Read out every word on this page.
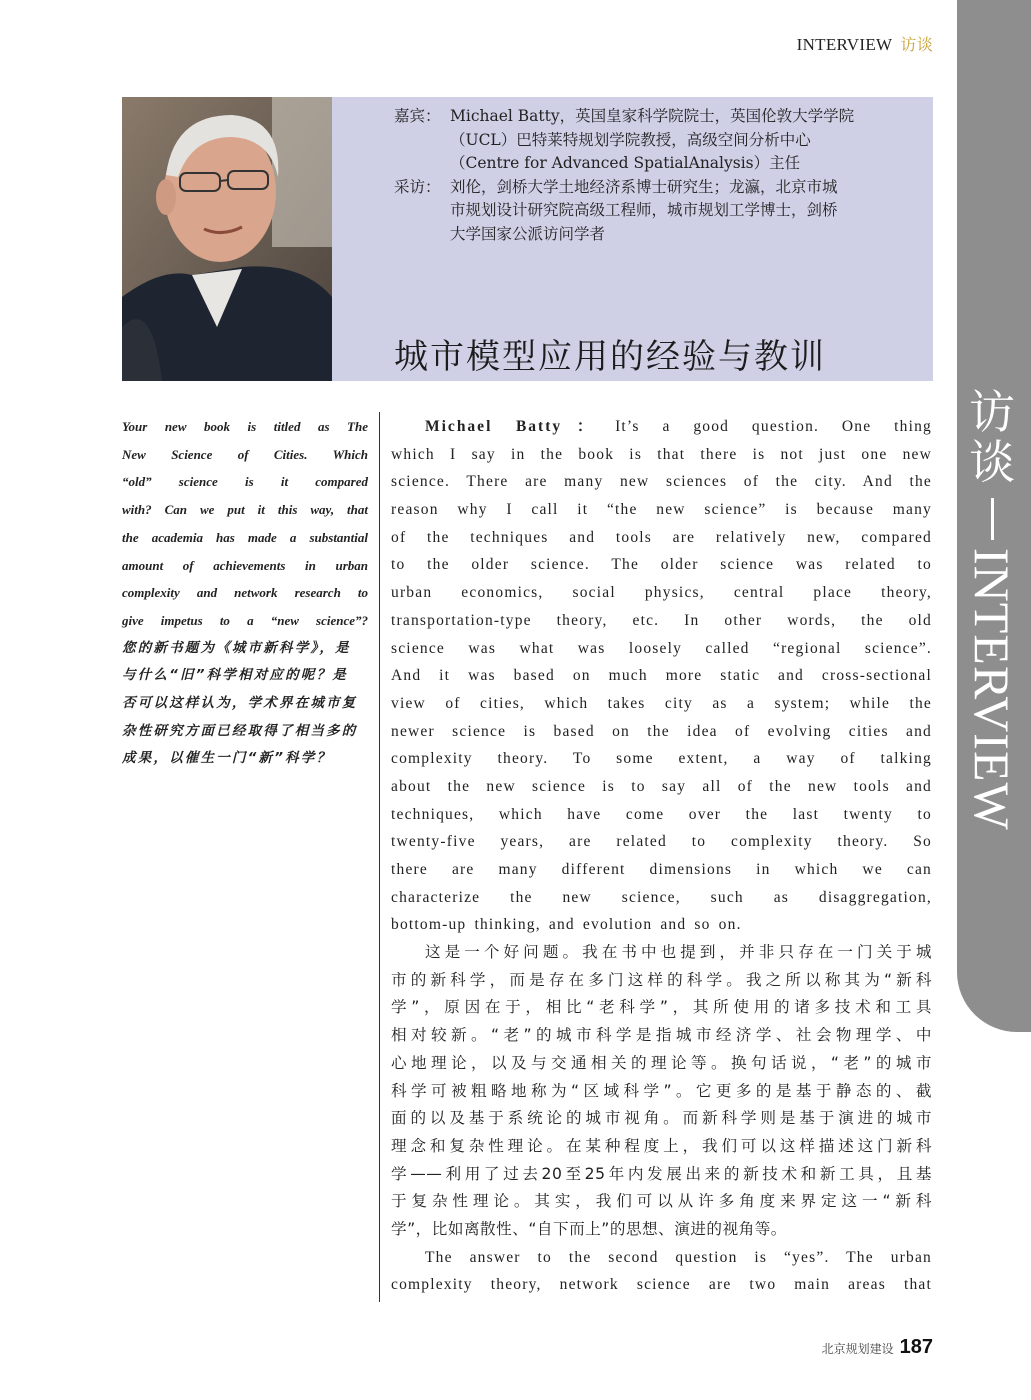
INTERVIEW 访谈
访谈
INTERVIEW
嘉宾： Michael Batty，英国皇家科学院院士，英国伦敦大学学院
（UCL）巴特莱特规划学院教授，高级空间分析中心
（Centre for Advanced SpatialAnalysis）主任
采访： 刘伦，剑桥大学土地经济系博士研究生；龙瀛，北京市城
市规划设计研究院高级工程师，城市规划工学博士，剑桥
大学国家公派访问学者
城市模型应用的经验与教训

Your new book is titled as The
New Science of Cities. Which
“old” science is it compared
with? Can we put it this way, that
the academia has made a substantial
amount of achievements in urban
complexity and network research to
give impetus to a “new science”?

您的新书题为《城市新科学》，是
与什么“旧”科学相对应的呢？是
否可以这样认为，学术界在城市复
杂性研究方面已经取得了相当多的
成果，以催生一门“新”科学？

Michael Batty： It’s a good question. One thing
which I say in the book is that there is not just one new
science. There are many new sciences of the city. And the
reason why I call it “the new science” is because many
of the techniques and tools are relatively new, compared
to the older science. The older science was related to
urban economics, social physics, central place theory,
transportation-type theory, etc. In other words, the old
science was what was loosely called “regional science”.
And it was based on much more static and cross-sectional
view of cities, which takes city as a system; while the
newer science is based on the idea of evolving cities and
complexity theory. To some extent, a way of talking
about the new science is to say all of the new tools and
techniques, which have come over the last twenty to
twenty-five years, are related to complexity theory. So
there are many different dimensions in which we can
characterize the new science, such as disaggregation,
bottom-up thinking, and evolution and so on.
这是一个好问题。我在书中也提到，并非只存在一门关于城
市的新科学，而是存在多门这样的科学。我之所以称其为“新科
学”，原因在于，相比“老科学”，其所使用的诸多技术和工具
相对较新。“老”的城市科学是指城市经济学、社会物理学、中
心地理论，以及与交通相关的理论等。换句话说，“老”的城市
科学可被粗略地称为“区域科学”。它更多的是基于静态的、截
面的以及基于系统论的城市视角。而新科学则是基于演进的城市
理念和复杂性理论。在某种程度上，我们可以这样描述这门新科
学——利用了过去20至25年内发展出来的新技术和新工具，且基
于复杂性理论。其实，我们可以从许多角度来界定这一“新科
学”，比如离散性、“自下而上”的思想、演进的视角等。
The answer to the second question is “yes”. The urban
complexity theory, network science are two main areas that
北京规划建设 187
